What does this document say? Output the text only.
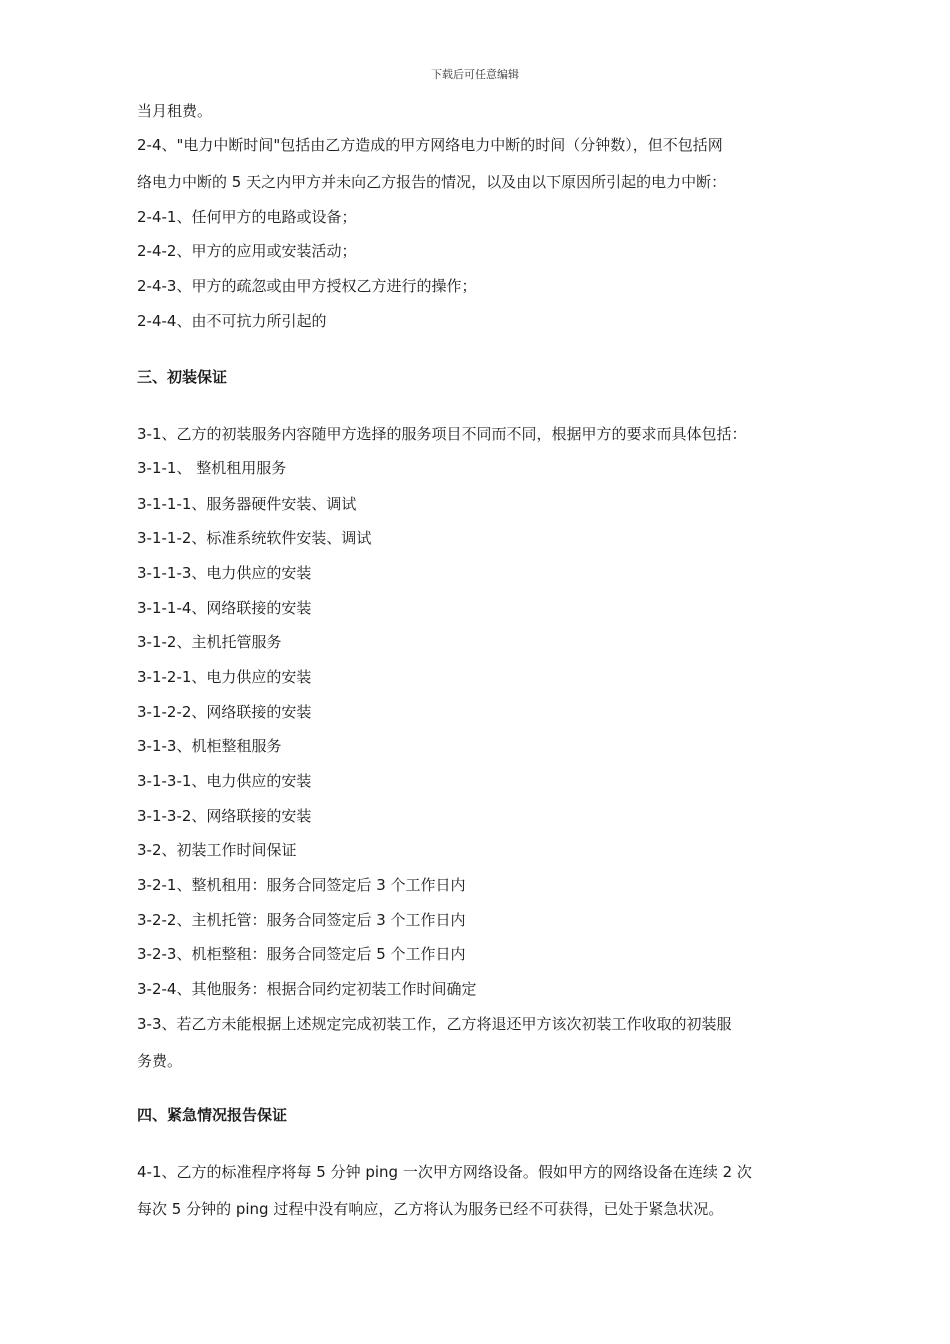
下载后可任意编辑
当月租费。
2-4、"电力中断时间"包括由乙方造成的甲方网络电力中断的时间（分钟数），但不包括网
络电力中断的 5 天之内甲方并未向乙方报告的情况，以及由以下原因所引起的电力中断：
2-4-1、任何甲方的电路或设备；
2-4-2、甲方的应用或安装活动；
2-4-3、甲方的疏忽或由甲方授权乙方进行的操作；
2-4-4、由不可抗力所引起的
三、初装保证
3-1、乙方的初装服务内容随甲方选择的服务项目不同而不同，根据甲方的要求而具体包括：
3-1-1、 整机租用服务
3-1-1-1、服务器硬件安装、调试
3-1-1-2、标准系统软件安装、调试
3-1-1-3、电力供应的安装
3-1-1-4、网络联接的安装
3-1-2、主机托管服务
3-1-2-1、电力供应的安装
3-1-2-2、网络联接的安装
3-1-3、机柜整租服务
3-1-3-1、电力供应的安装
3-1-3-2、网络联接的安装
3-2、初装工作时间保证
3-2-1、整机租用：服务合同签定后 3 个工作日内
3-2-2、主机托管：服务合同签定后 3 个工作日内
3-2-3、机柜整租：服务合同签定后 5 个工作日内
3-2-4、其他服务：根据合同约定初装工作时间确定
3-3、若乙方未能根据上述规定完成初装工作，乙方将退还甲方该次初装工作收取的初装服
务费。
四、紧急情况报告保证
4-1、乙方的标准程序将每 5 分钟 ping 一次甲方网络设备。假如甲方的网络设备在连续 2 次
每次 5 分钟的 ping 过程中没有响应，乙方将认为服务已经不可获得，已处于紧急状况。
